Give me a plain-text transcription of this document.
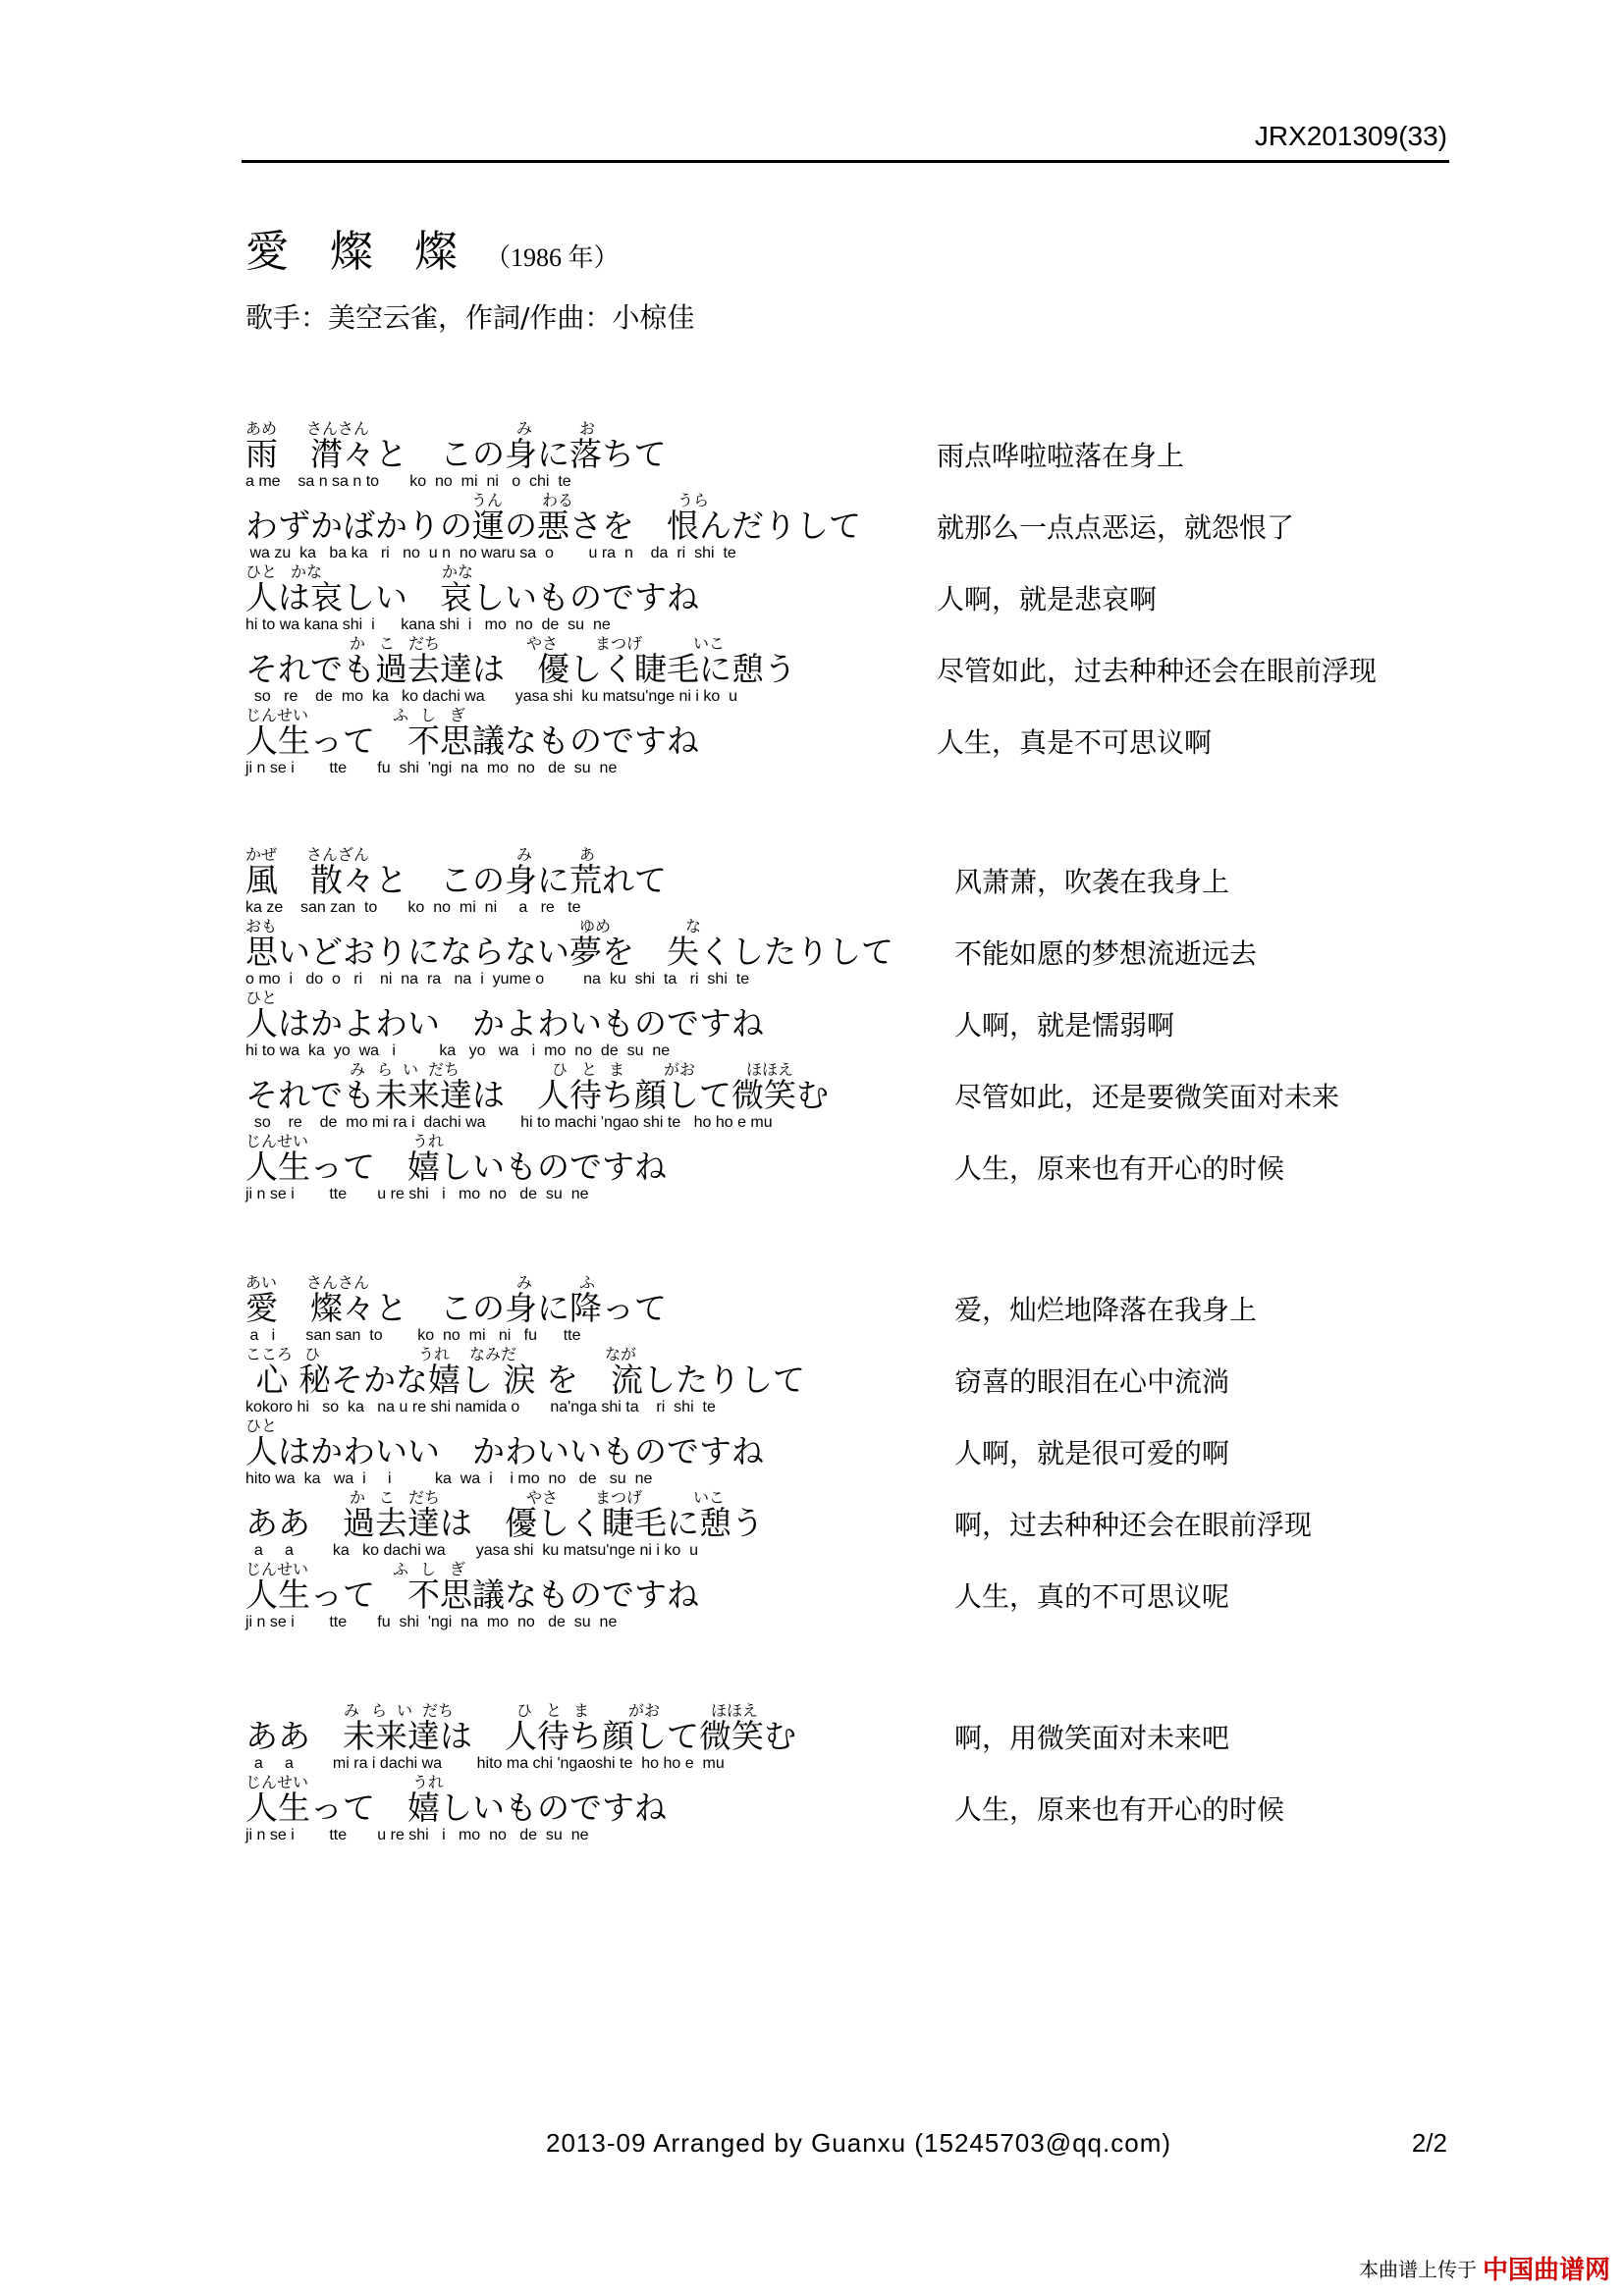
JRX201309(33)
愛 燦 燦 （1986 年）
歌手：美空云雀，作詞/作曲：小椋佳
あめ さんさん	み	お
雨　潸々と　この身に落ちて
a me    sa n sa n to       ko  no  mi  ni   o  chi  te
雨点哗啦啦落在身上
うん わる	うら
わずかばかりの運の悪さを　恨んだりして
wa zu  ka   ba ka   ri   no  u n  no waru sa  o        u ra  n    da  ri  shi  te
就那么一点点恶运，就怨恨了
ひと かな	かな
人は哀しい　哀しいものですね
hi to wa kana shi  i      kana shi  i   mo  no  de  su  ne
人啊，就是悲哀啊
か こ だち	やさ まつげ	いこ
それでも過去達は　優しく睫毛に憩う
so   re    de  mo  ka   ko dachi wa       yasa shi  ku matsu'nge ni i ko  u
尽管如此，过去种种还会在眼前浮现
じんせい	ふ し ぎ
人生って　不思議なものですね
ji n se i        tte       fu  shi  'ngi  na  mo  no   de  su  ne
人生，真是不可思议啊
かぜ さんざん	み	あ
風　散々と　この身に荒れて
ka ze    san zan  to       ko  no  mi  ni     a   re   te
风萧萧，吹袭在我身上
おも	ゆめ	な
思いどおりにならない夢を　失くしたりして
o mo  i   do  o   ri    ni  na  ra   na  i  yume o         na  ku  shi  ta   ri  shi  te
不能如愿的梦想流逝远去
ひと
人はかよわい　かよわいものですね
hi to wa  ka  yo  wa   i          ka   yo   wa   i  mo  no  de  su  ne
人啊，就是懦弱啊
み ら い だち	ひ と ま がお	ほほえ
それでも未来達は　人待ち顔して微笑む
so    re    de  mo mi ra i  dachi wa        hi to machi 'ngao shi te   ho ho e mu
尽管如此，还是要微笑面对未来
じんせい	うれ
人生って　嬉しいものですね
ji n se i        tte       u re shi   i   mo  no   de  su  ne
人生，原来也有开心的时候
あい さんさん	み	ふ
愛　燦々と　この身に降って
a   i       san san  to        ko  no  mi   ni   fu      tte
爱，灿烂地降落在我身上
こころ ひ	うれ なみだ	なが
心 秘そかな嬉し 涙 を　流したりして
kokoro hi   so  ka   na u re shi namida o       na'nga shi ta    ri  shi  te
窃喜的眼泪在心中流淌
ひと
人はかわいい　かわいいものですね
hito wa  ka   wa  i     i          ka  wa  i    i mo  no   de   su  ne
人啊，就是很可爱的啊
か こ だち	やさ まつげ	いこ
ああ　過去達は　優しく睫毛に憩う
a     a         ka   ko dachi wa       yasa shi  ku matsu'nge ni i ko  u
啊，过去种种还会在眼前浮现
じんせい	ふ し ぎ
人生って　不思議なものですね
ji n se i        tte       fu  shi  'ngi  na  mo  no   de  su  ne
人生，真的不可思议呢
み ら い だち	ひ と ま がお	ほほえ
ああ　未来達は　人待ち顔して微笑む
a     a         mi ra i dachi wa        hito ma chi 'ngaoshi te  ho ho e  mu
啊，用微笑面对未来吧
じんせい	うれ
人生って　嬉しいものですね
ji n se i        tte       u re shi   i   mo  no   de  su  ne
人生，原来也有开心的时候
2013-09 Arranged by Guanxu (15245703@qq.com)	2/2
本曲谱上传于 中国曲谱网
